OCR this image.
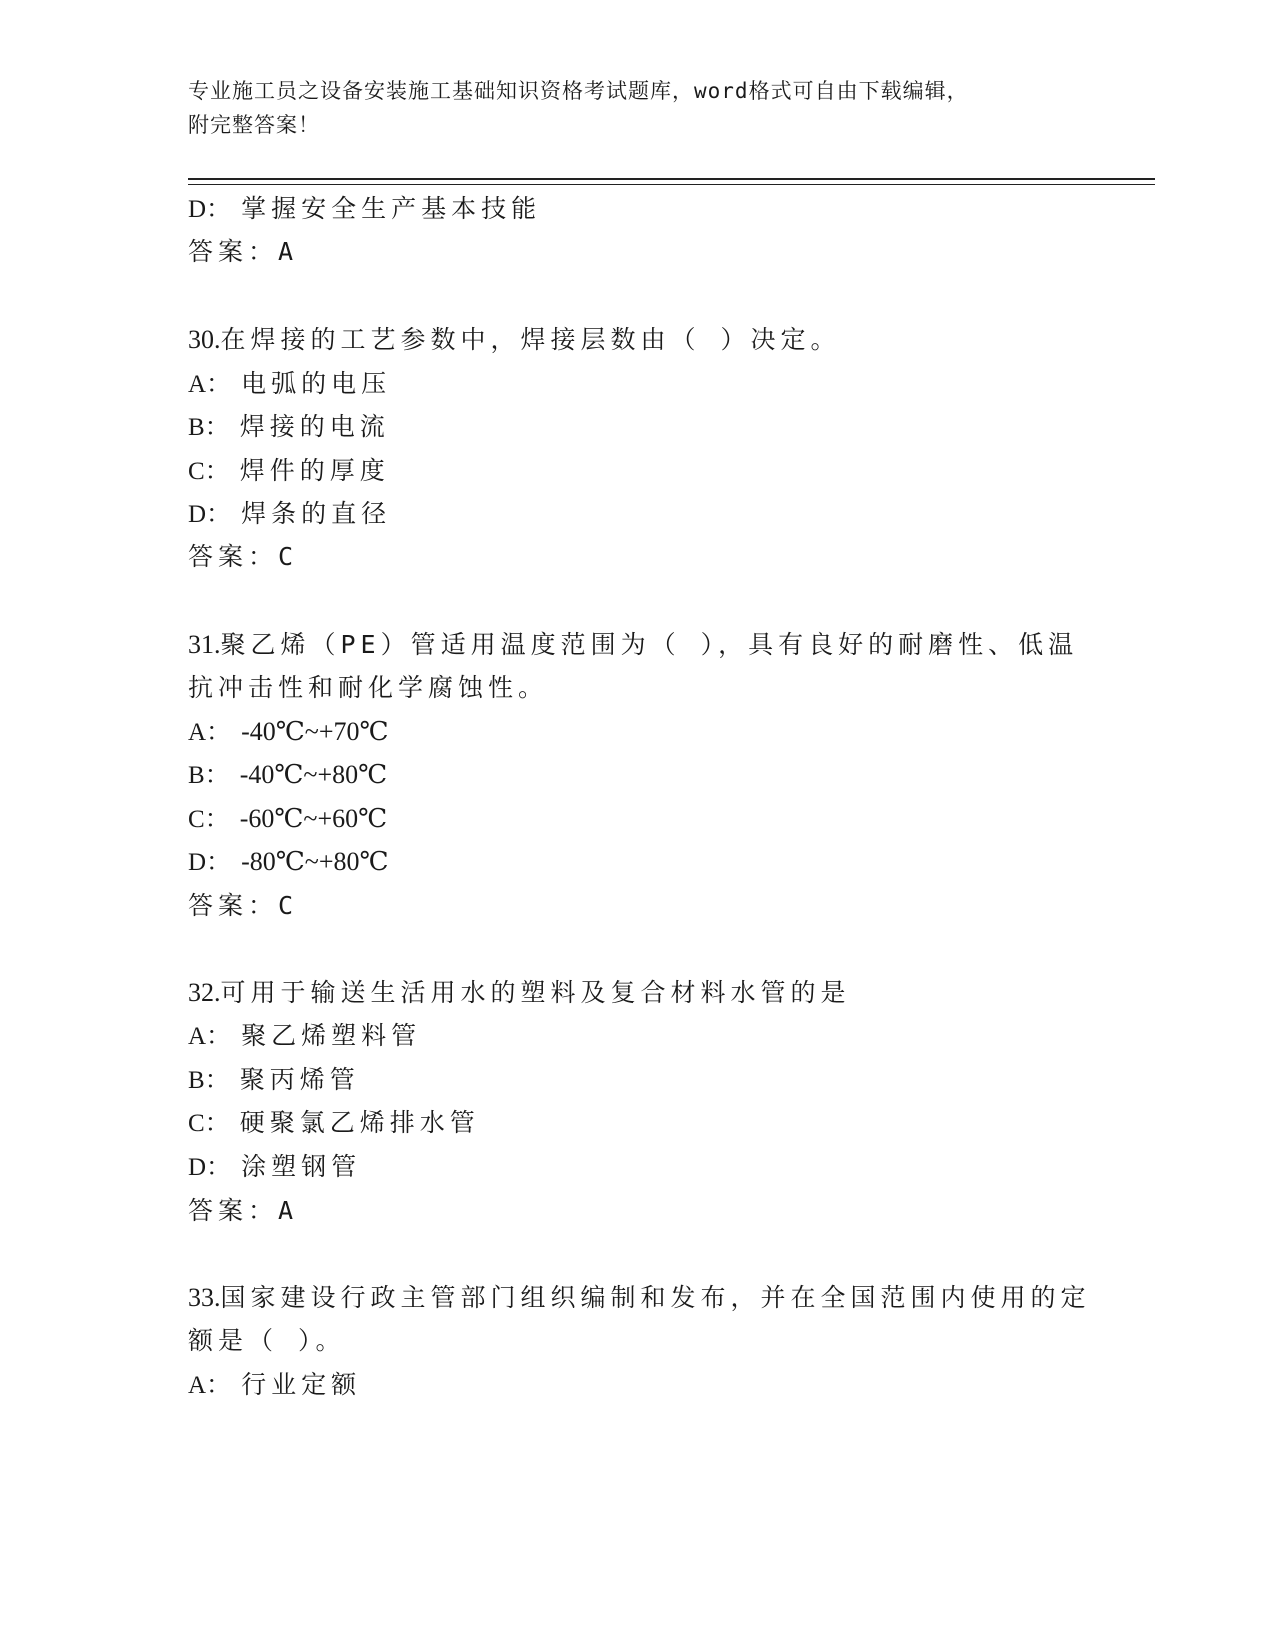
专业施工员之设备安装施工基础知识资格考试题库，word格式可自由下载编辑，
附完整答案！
D： 掌握安全生产基本技能
答案：A
30.在焊接的工艺参数中，焊接层数由（ ）决定。
A： 电弧的电压
B： 焊接的电流
C： 焊件的厚度
D： 焊条的直径
答案：C
31.聚乙烯（PE）管适用温度范围为（ ），具有良好的耐磨性、低温
抗冲击性和耐化学腐蚀性。
A： -40℃~+70℃
B： -40℃~+80℃
C： -60℃~+60℃
D： -80℃~+80℃
答案：C
32.可用于输送生活用水的塑料及复合材料水管的是
A： 聚乙烯塑料管
B： 聚丙烯管
C： 硬聚氯乙烯排水管
D： 涂塑钢管
答案：A
33.国家建设行政主管部门组织编制和发布，并在全国范围内使用的定
额是（ ）。
A： 行业定额
